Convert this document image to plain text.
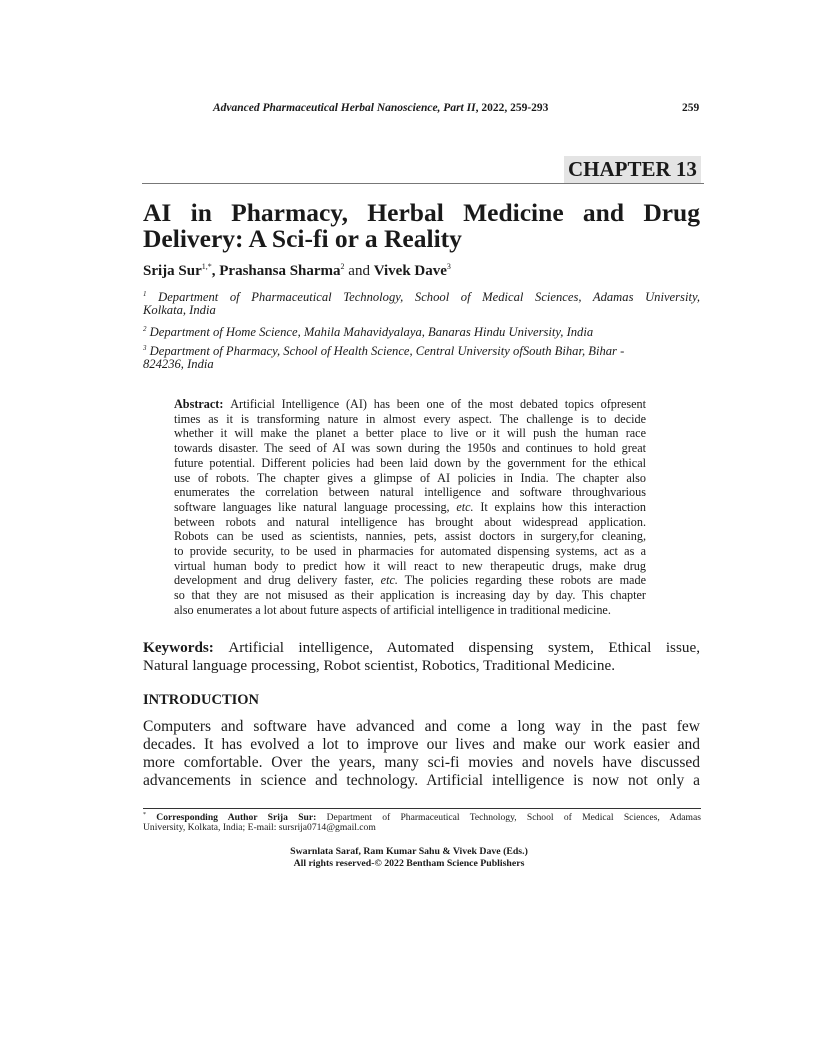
Advanced Pharmaceutical Herbal Nanoscience, Part II, 2022, 259-293	259
CHAPTER 13
AI in Pharmacy, Herbal Medicine and Drug
Delivery: A Sci-fi or a Reality
Srija Sur$^{1,*}$, Prashansa Sharma$^2$ and Vivek Dave$^3$
$^1$ Department of Pharmaceutical Technology, School of Medical Sciences, Adamas University,
Kolkata, India
$^2$ Department of Home Science, Mahila Mahavidyalaya, Banaras Hindu University, India
$^3$ Department of Pharmacy, School of Health Science, Central University ofSouth Bihar, Bihar -
824236, India
Abstract: Artificial Intelligence (AI) has been one of the most debated topics ofpresent
times as it is transforming nature in almost every aspect. The challenge is to decide
whether it will make the planet a better place to live or it will push the human race
towards disaster. The seed of AI was sown during the 1950s and continues to hold great
future potential. Different policies had been laid down by the government for the ethical
use of robots. The chapter gives a glimpse of AI policies in India. The chapter also
enumerates the correlation between natural intelligence and software throughvarious
software languages like natural language processing, etc. It explains how this interaction
between robots and natural intelligence has brought about widespread application.
Robots can be used as scientists, nannies, pets, assist doctors in surgery,for cleaning,
to provide security, to be used in pharmacies for automated dispensing systems, act as a
virtual human body to predict how it will react to new therapeutic drugs, make drug
development and drug delivery faster, etc. The policies regarding these robots are made
so that they are not misused as their application is increasing day by day. This chapter
also enumerates a lot about future aspects of artificial intelligence in traditional medicine.
Keywords: Artificial intelligence, Automated dispensing system, Ethical issue,
Natural language processing, Robot scientist, Robotics, Traditional Medicine.
INTRODUCTION
Computers and software have advanced and come a long way in the past few
decades. It has evolved a lot to improve our lives and make our work easier and
more comfortable. Over the years, many sci-fi movies and novels have discussed
advancements in science and technology. Artificial intelligence is now not only a
* Corresponding Author Srija Sur: Department of Pharmaceutical Technology, School of Medical Sciences, Adamas
University, Kolkata, India; E-mail: sursrija0714@gmail.com
Swarnlata Saraf, Ram Kumar Sahu & Vivek Dave (Eds.)
All rights reserved-© 2022 Bentham Science Publishers
